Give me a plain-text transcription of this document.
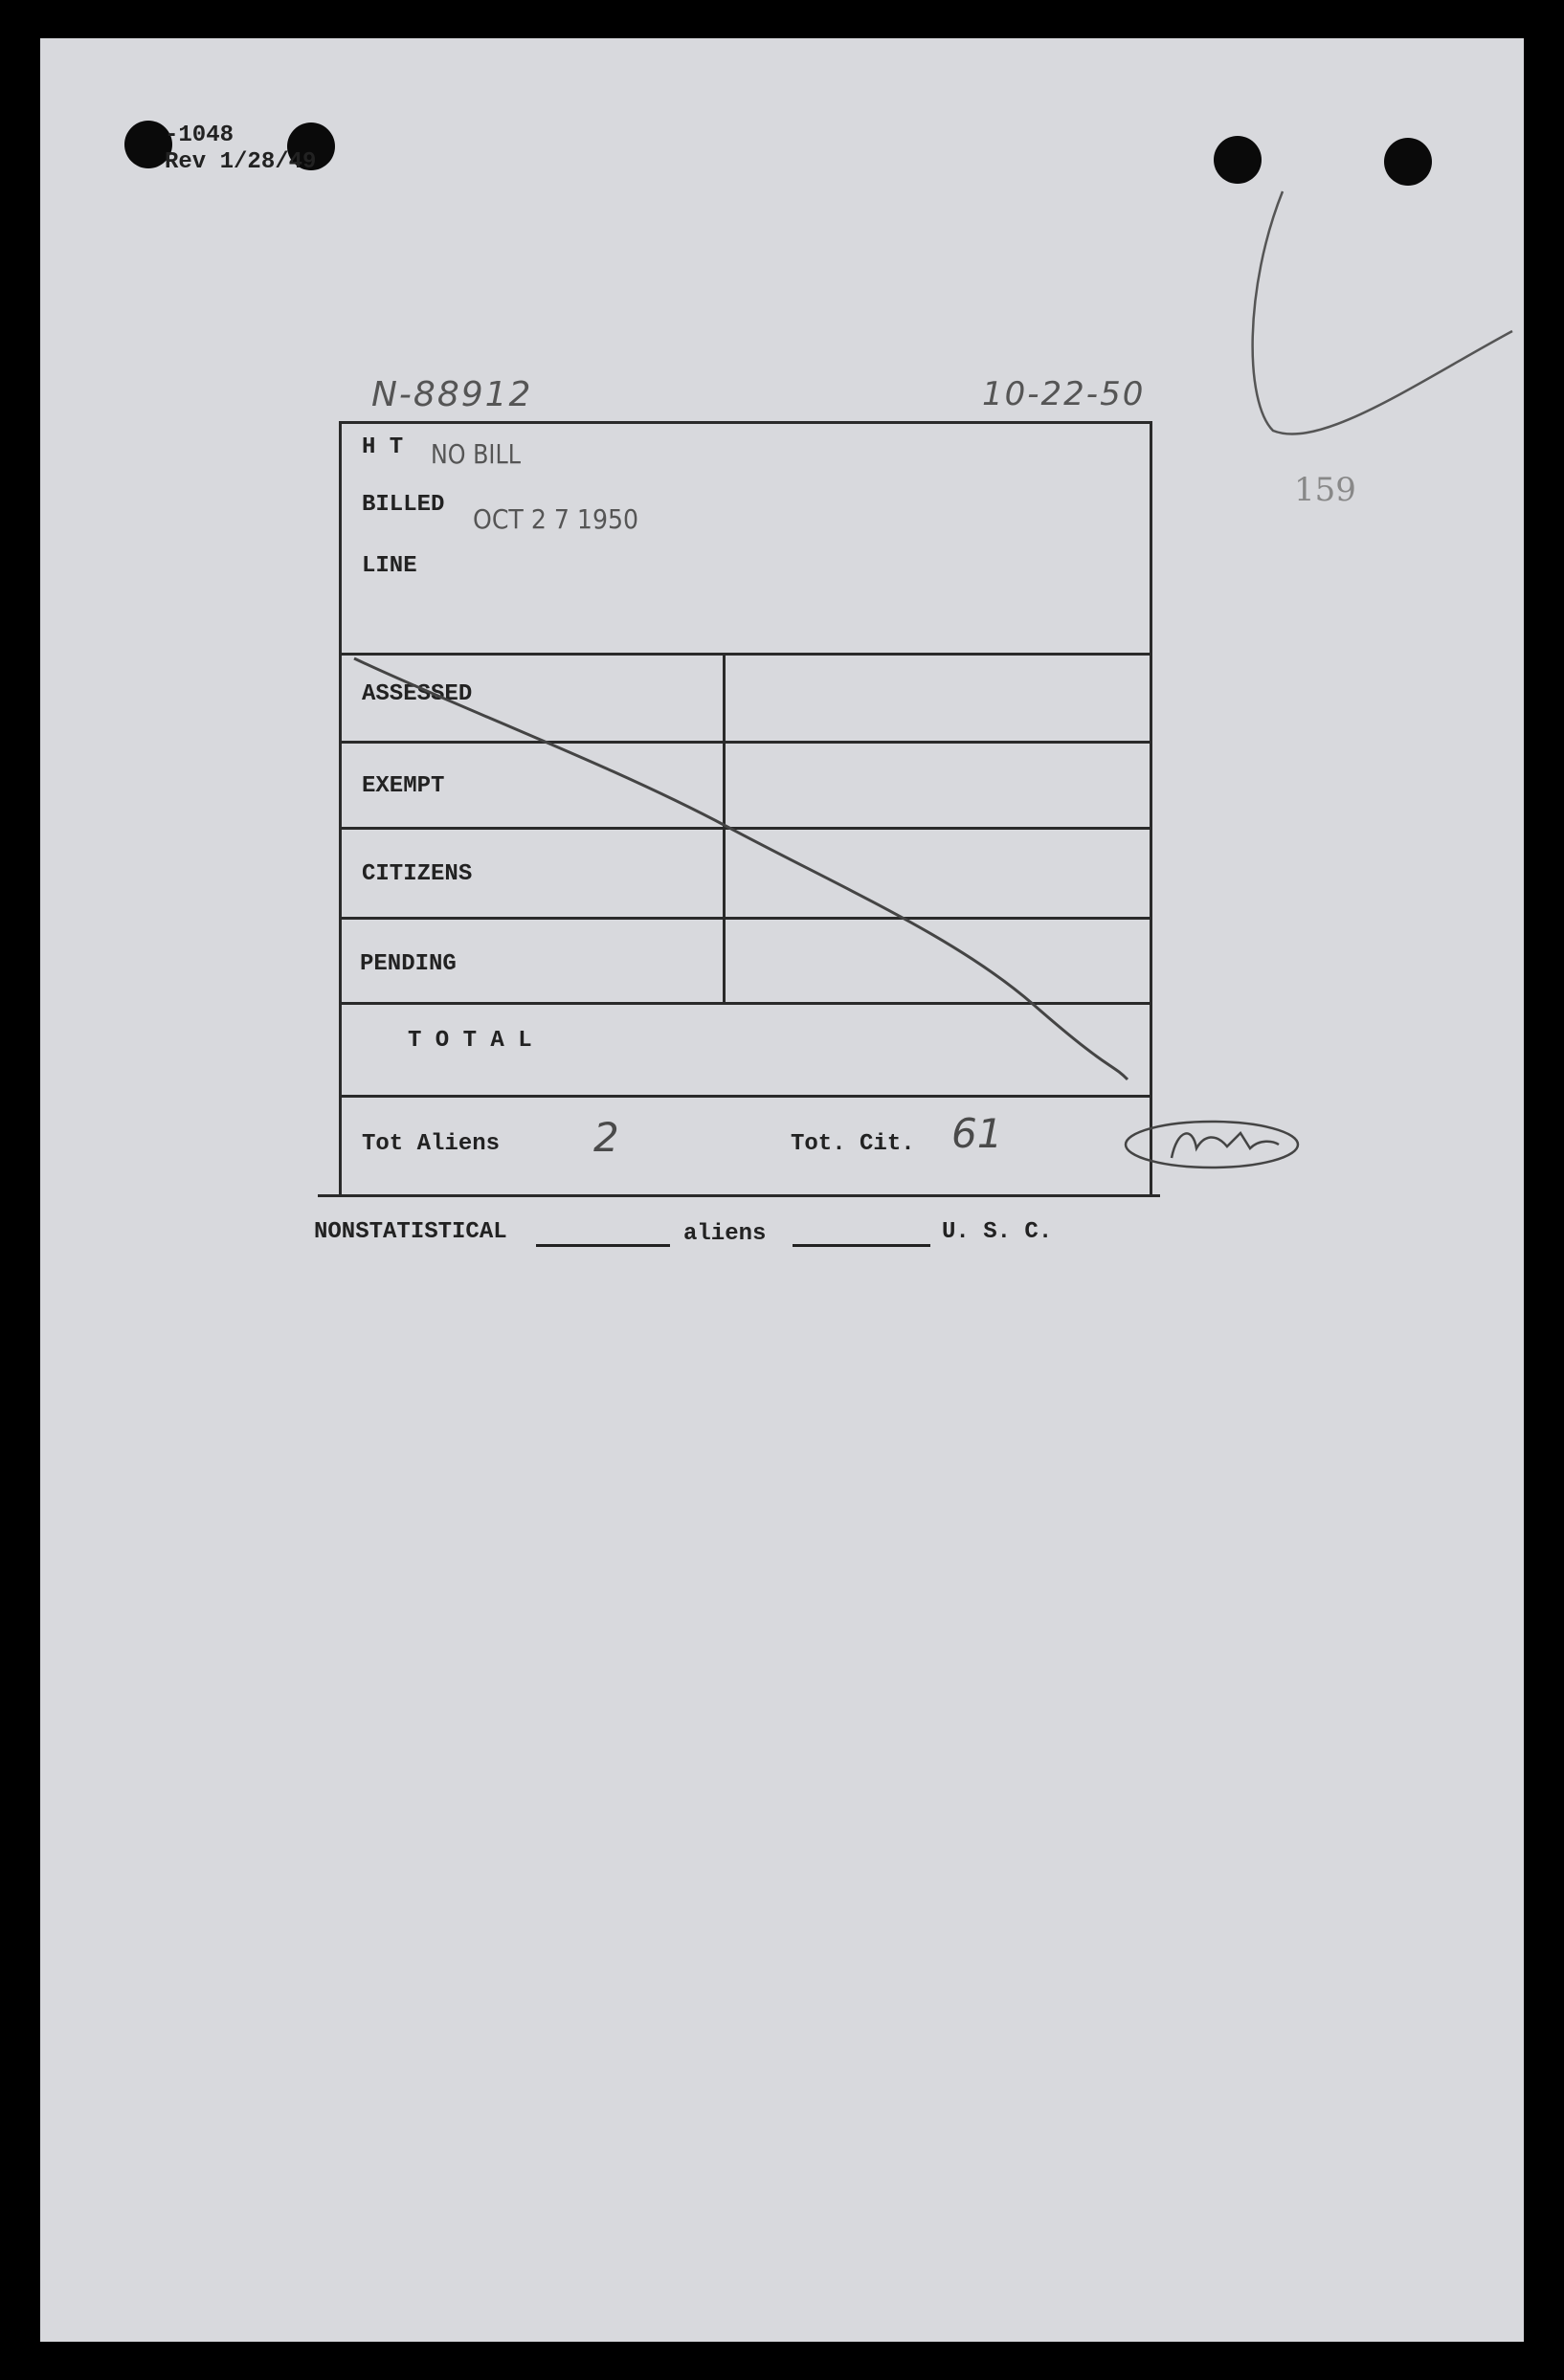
-1048
Rev 1/28/49
N-88912	10-22-50
159
H T NO BILL
BILLED OCT 2 7 1950
LINE
ASSESSED
EXEMPT
CITIZENS
PENDING
T O T A L
Tot Aliens 2	Tot. Cit. 61
NONSTATISTICAL	aliens	U. S. C.
